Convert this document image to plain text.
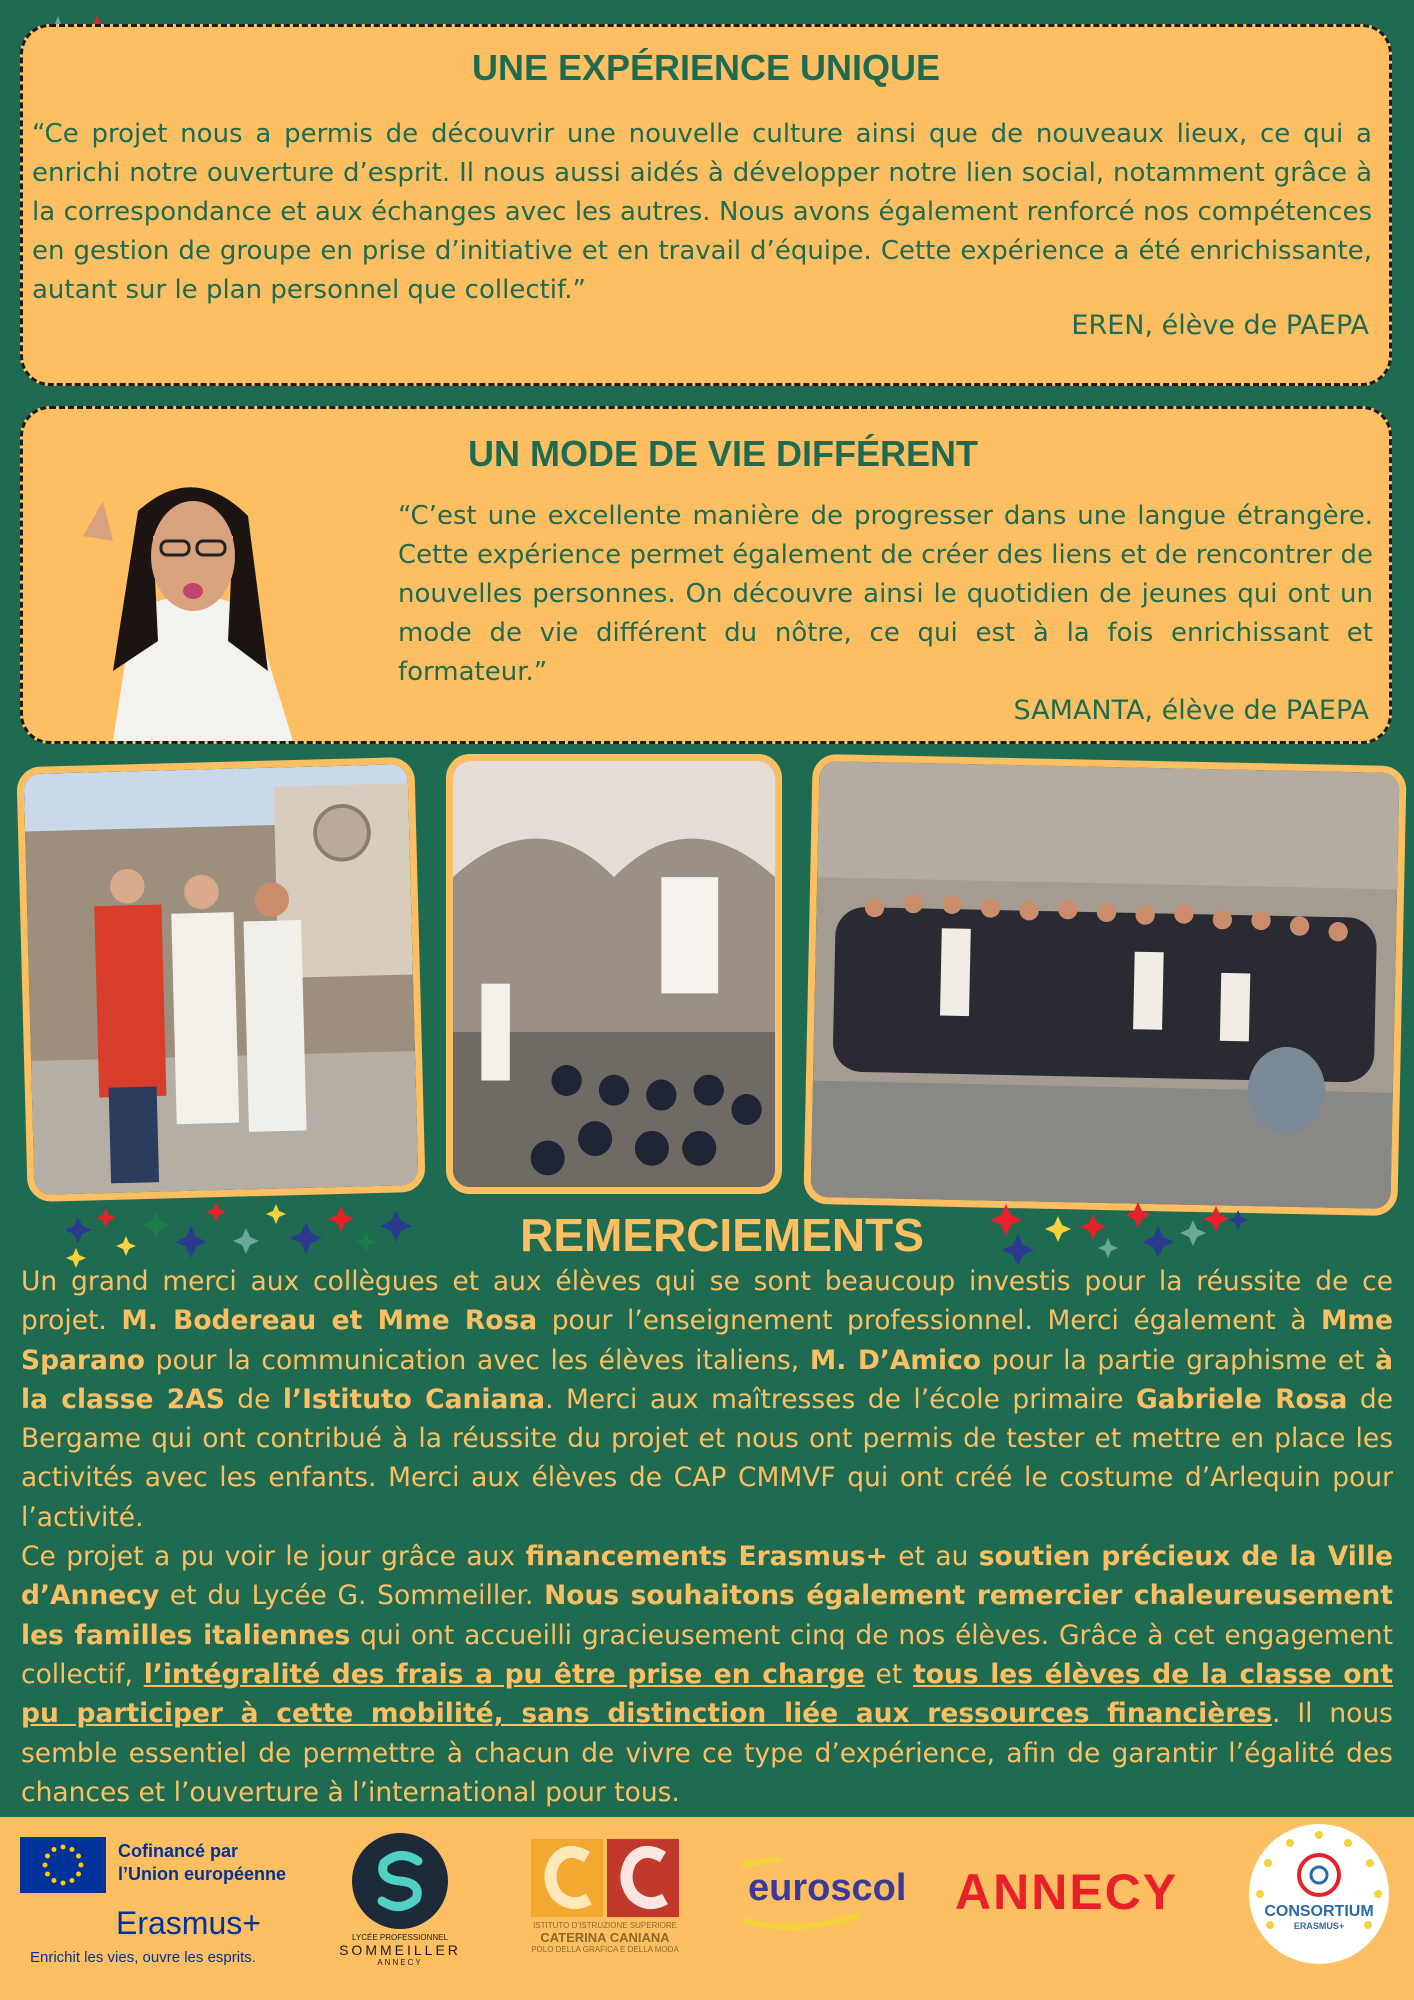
UNE EXPÉRIENCE UNIQUE
“Ce projet nous a permis de découvrir une nouvelle culture ainsi que de nouveaux lieux, ce qui a enrichi notre ouverture d’esprit. Il nous aussi aidés à développer notre lien social, notamment grâce à la correspondance et aux échanges avec les autres. Nous avons également renforcé nos compétences en gestion de groupe en prise d’initiative et en travail d’équipe. Cette expérience a été enrichissante, autant sur le plan personnel que collectif.”
EREN, élève de PAEPA
UN MODE DE VIE DIFFÉRENT
“C’est une excellente manière de progresser dans une langue étrangère. Cette expérience permet également de créer des liens et de rencontrer de nouvelles personnes. On découvre ainsi le quotidien de jeunes qui ont un mode de vie différent du nôtre, ce qui est à la fois enrichissant et formateur.”
SAMANTA, élève de PAEPA
REMERCIEMENTS
Un grand merci aux collègues et aux élèves qui se sont beaucoup investis pour la réussite de ce projet. M. Bodereau et Mme Rosa pour l’enseignement professionnel. Merci également à Mme Sparano pour la communication avec les élèves italiens, M. D’Amico pour la partie graphisme et à la classe 2AS de l’Istituto Caniana. Merci aux maîtresses de l’école primaire Gabriele Rosa de Bergame qui ont contribué à la réussite du projet et nous ont permis de tester et mettre en place les activités avec les enfants. Merci aux élèves de CAP CMMVF qui ont créé le costume d’Arlequin pour l’activité.
Ce projet a pu voir le jour grâce aux financements Erasmus+ et au soutien précieux de la Ville d’Annecy et du Lycée G. Sommeiller. Nous souhaitons également remercier chaleureusement les familles italiennes qui ont accueilli gracieusement cinq de nos élèves. Grâce à cet engagement collectif, l’intégralité des frais a pu être prise en charge et tous les élèves de la classe ont pu participer à cette mobilité, sans distinction liée aux ressources financières. Il nous semble essentiel de permettre à chacun de vivre ce type d’expérience, afin de garantir l’égalité des chances et l’ouverture à l’international pour tous.
Cofinancé par
l’Union européenne
Erasmus+
Enrichit les vies, ouvre les esprits.
LYCÉE PROFESSIONNEL
SOMMEILLER
ANNECY
ISTITUTO D’ISTRUZIONE SUPERIORE
CATERINA CANIANA
POLO DELLA GRAFICA E DELLA MODA
euroscol ANNECY	CONSORTIUM
ERASMUS+
